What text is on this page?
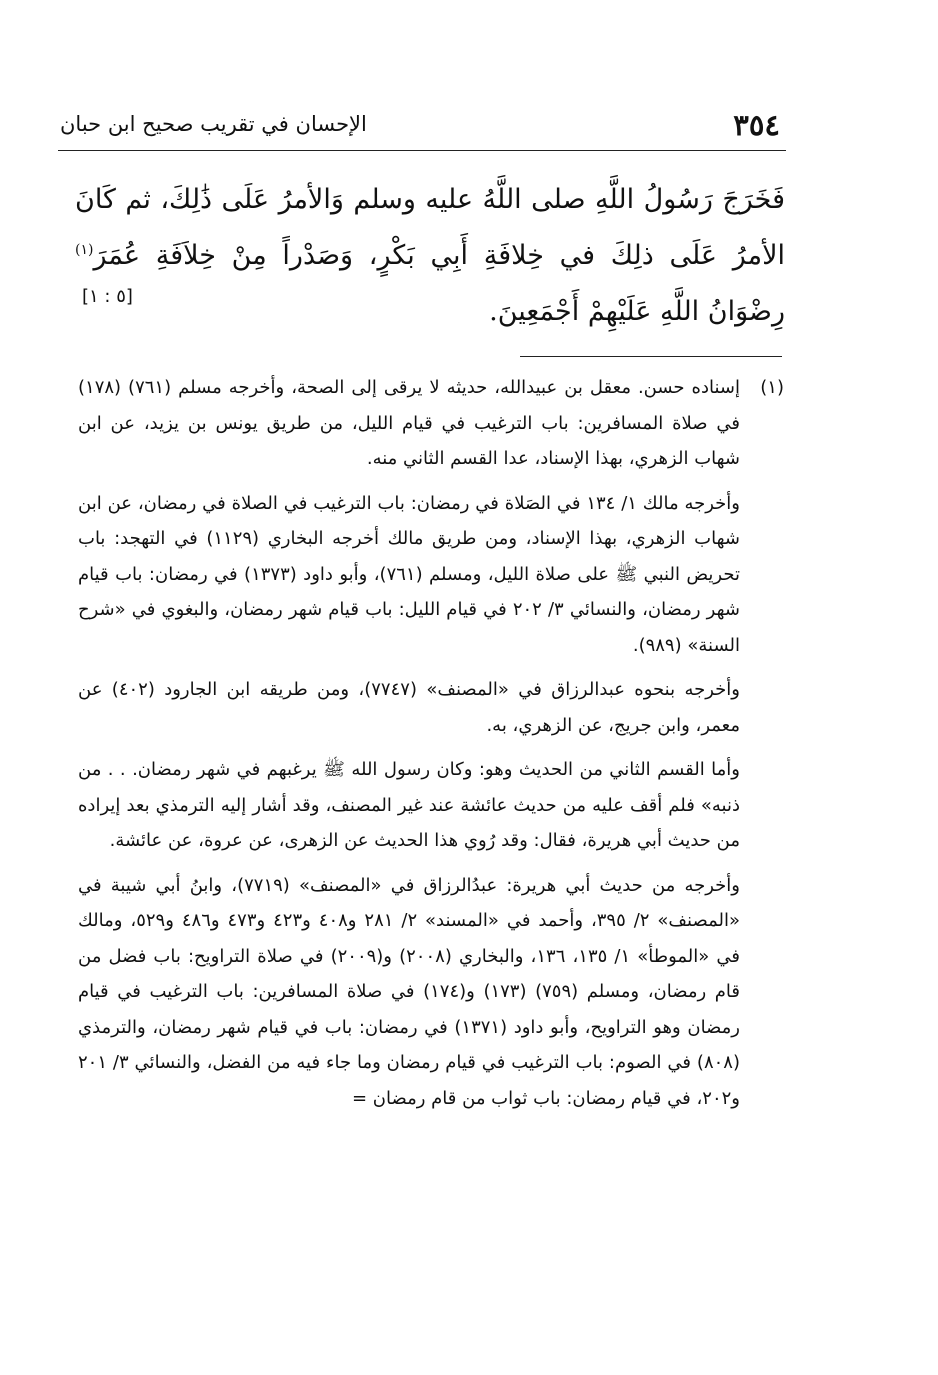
٣٥٤
الإحسان في تقريب صحيح ابن حبان

فَخَرَجَ رَسُولُ اللَّهِ صلى اللَّهُ عليه وسلم وَالأمرُ عَلَى ذَٰلِكَ، ثم كَانَ الأمرُ عَلَى ذلِكَ في خِلافَةِ أَبِي بَكْرٍ، وَصَدْراً مِنْ خِلاَفَةِ عُمَرَ$^{(١)}$ رِضْوَانُ اللَّهِ عَلَيْهِمْ أَجْمَعِينَ.

[٥ : ١]
(١)
إسناده حسن. معقل بن عبيدالله، حديثه لا يرقى إلى الصحة، وأخرجه مسلم (٧٦١) (١٧٨) في صلاة المسافرين: باب الترغيب في قيام الليل، من طريق يونس بن يزيد، عن ابن شهاب الزهري، بهذا الإسناد، عدا القسم الثاني منه.
وأخرجه مالك ١/ ١٣٤ في الصَلاة في رمضان: باب الترغيب في الصلاة في رمضان، عن ابن شهاب الزهري، بهذا الإسناد، ومن طريق مالك أخرجه البخاري (١١٢٩) في التهجد: باب تحريض النبي ﷺ على صلاة الليل، ومسلم (٧٦١)، وأبو داود (١٣٧٣) في رمضان: باب قيام شهر رمضان، والنسائي ٣/ ٢٠٢ في قيام الليل: باب قيام شهر رمضان، والبغوي في «شرح السنة» (٩٨٩).
وأخرجه بنحوه عبدالرزاق في «المصنف» (٧٧٤٧)، ومن طريقه ابن الجارود (٤٠٢) عن معمر، وابن جريج، عن الزهري، به.
وأما القسم الثاني من الحديث وهو: وكان رسول الله ﷺ يرغبهم في شهر رمضان. . . من ذنبه» فلم أقف عليه من حديث عائشة عند غير المصنف، وقد أشار إليه الترمذي بعد إيراده من حديث أبي هريرة، فقال: وقد رُوي هذا الحديث عن الزهرى، عن عروة، عن عائشة.
وأخرجه من حديث أبي هريرة: عبدُالرزاق في «المصنف» (٧٧١٩)، وابنُ أبي شيبة في «المصنف» ٢/ ٣٩٥، وأحمد في «المسند» ٢/ ٢٨١ و٤٠٨ و٤٢٣ و٤٧٣ و٤٨٦ و٥٢٩، ومالك في «الموطأ» ١/ ١٣٥، ١٣٦، والبخاري (٢٠٠٨) و(٢٠٠٩) في صلاة التراويح: باب فضل من قام رمضان، ومسلم (٧٥٩) (١٧٣) و(١٧٤) في صلاة المسافرين: باب الترغيب في قيام رمضان وهو التراويح، وأبو داود (١٣٧١) في رمضان: باب في قيام شهر رمضان، والترمذي (٨٠٨) في الصوم: باب الترغيب في قيام رمضان وما جاء فيه من الفضل، والنسائي ٣/ ٢٠١ و٢٠٢، في قيام رمضان: باب ثواب من قام رمضان =
